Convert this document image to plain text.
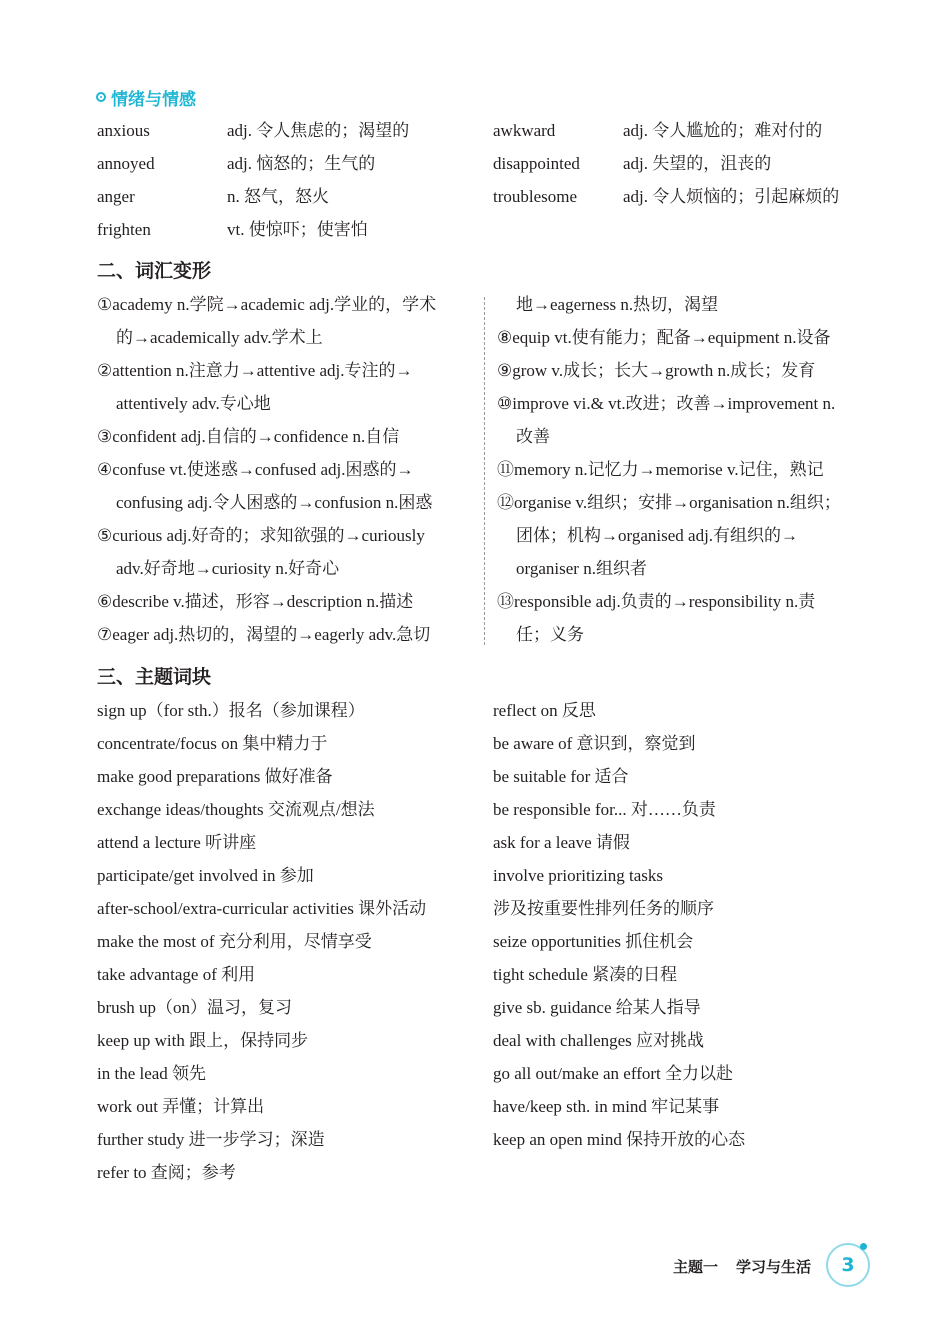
情绪与情感
anxious	adj. 令人焦虑的；渴望的
annoyed	adj. 恼怒的；生气的
anger	n. 怒气，怒火
frighten	vt. 使惊吓；使害怕
awkward	adj. 令人尴尬的；难对付的
disappointed	adj. 失望的，沮丧的
troublesome	adj. 令人烦恼的；引起麻烦的
二、词汇变形
①academy n.学院→academic adj.学业的，学术
的→academically adv.学术上
②attention n.注意力→attentive adj.专注的→
attentively adv.专心地
③confident adj.自信的→confidence n.自信
④confuse vt.使迷惑→confused adj.困惑的→
confusing adj.令人困惑的→confusion n.困惑
⑤curious adj.好奇的；求知欲强的→curiously
adv.好奇地→curiosity n.好奇心
⑥describe v.描述，形容→description n.描述
⑦eager adj.热切的，渴望的→eagerly adv.急切
地→eagerness n.热切，渴望
⑧equip vt.使有能力；配备→equipment n.设备
⑨grow v.成长；长大→growth n.成长；发育
⑩improve vi.& vt.改进；改善→improvement n.
改善
⑪memory n.记忆力→memorise v.记住，熟记
⑫organise v.组织；安排→organisation n.组织；
团体；机构→organised adj.有组织的→
organiser n.组织者
⑬responsible adj.负责的→responsibility n.责
任；义务
三、主题词块
sign up（for sth.）报名（参加课程）
concentrate/focus on 集中精力于
make good preparations 做好准备
exchange ideas/thoughts 交流观点/想法
attend a lecture 听讲座
participate/get involved in 参加
after-school/extra-curricular activities 课外活动
make the most of 充分利用，尽情享受
take advantage of 利用
brush up（on）温习，复习
keep up with 跟上，保持同步
in the lead 领先
work out 弄懂；计算出
further study 进一步学习；深造
refer to 查阅；参考
reflect on 反思
be aware of 意识到，察觉到
be suitable for 适合
be responsible for... 对……负责
ask for a leave 请假
involve prioritizing tasks
涉及按重要性排列任务的顺序
seize opportunities 抓住机会
tight schedule 紧凑的日程
give sb. guidance 给某人指导
deal with challenges 应对挑战
go all out/make an effort 全力以赴
have/keep sth. in mind 牢记某事
keep an open mind 保持开放的心态
主题一 学习与生活 3
